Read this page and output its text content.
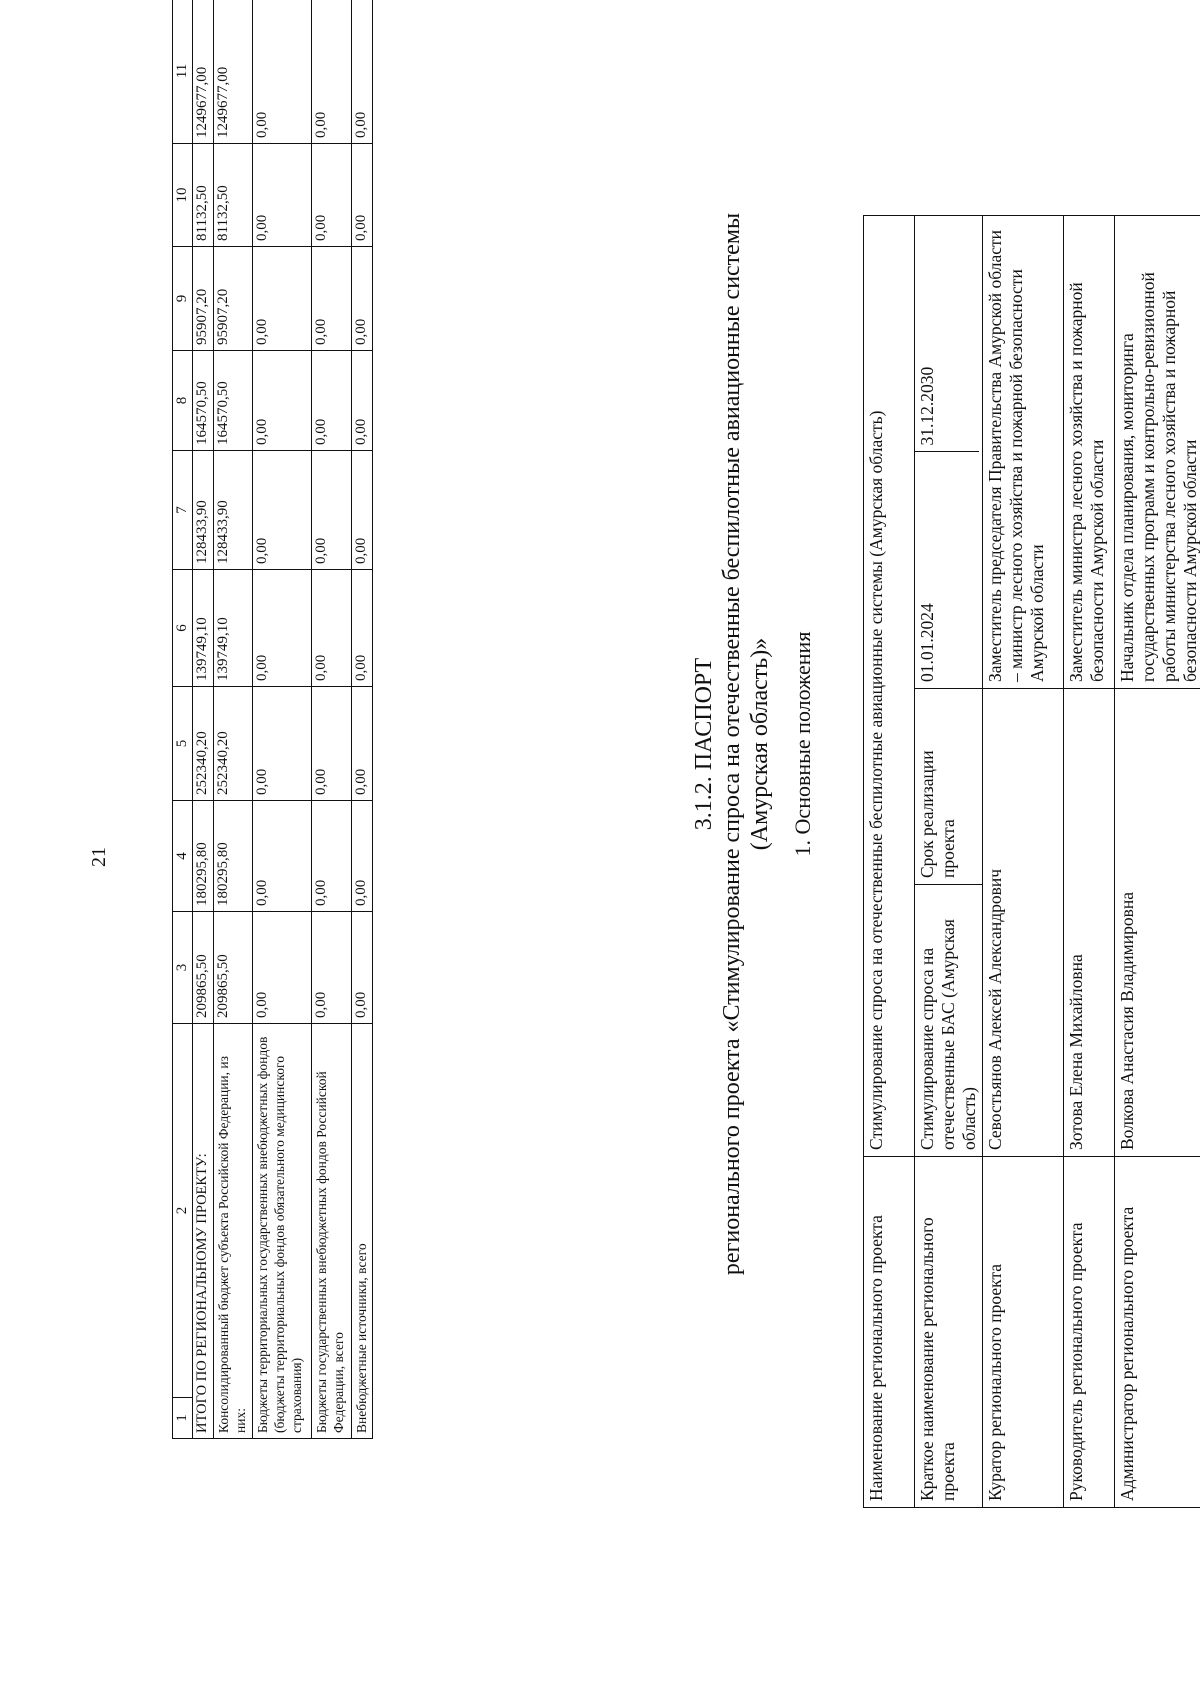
21
1	2	3	4	5	6	7	8	9	10	11
ИТОГО ПО РЕГИОНАЛЬНОМУ ПРОЕКТУ:		209865,50	180295,80	252340,20	139749,10	128433,90	164570,50	95907,20	81132,50	1249677,00
Консолидированный бюджет субъекта Российской Федерации, из них:		209865,50	180295,80	252340,20	139749,10	128433,90	164570,50	95907,20	81132,50	1249677,00
Бюджеты территориальных государственных внебюджетных фондов (бюджеты территориальных фондов обязательного медицинского страхования)		0,00	0,00	0,00	0,00	0,00	0,00	0,00	0,00	0,00
Бюджеты государственных внебюджетных фондов Российской Федерации, всего		0,00	0,00	0,00	0,00	0,00	0,00	0,00	0,00	0,00
Внебюджетные источники, всего		0,00	0,00	0,00	0,00	0,00	0,00	0,00	0,00	0,00
3.1.2. ПАСПОРТ регионального проекта «Стимулирование спроса на отечественные беспилотные авиационные системы (Амурская область)» 1. Основные положения
Наименование регионального проекта	Стимулирование спроса на отечественные беспилотные авиационные системы (Амурская область)
Краткое наименование регионального проекта	Стимулирование спроса на отечественные БАС (Амурская область)	Срок реализации проекта	
01.01.2024	31.12.2030

Куратор регионального проекта	Севостьянов Алексей Александрович	Заместитель председателя Правительства Амурской области – министр лесного хозяйства и пожарной безопасности Амурской области
Руководитель регионального проекта	Зотова Елена Михайловна	Заместитель министра лесного хозяйства и пожарной безопасности Амурской области
Администратор регионального проекта	Волкова Анастасия Владимировна	Начальник отдела планирования, мониторинга государственных программ и контрольно-ревизионной работы министерства лесного хозяйства и пожарной безопасности Амурской области
